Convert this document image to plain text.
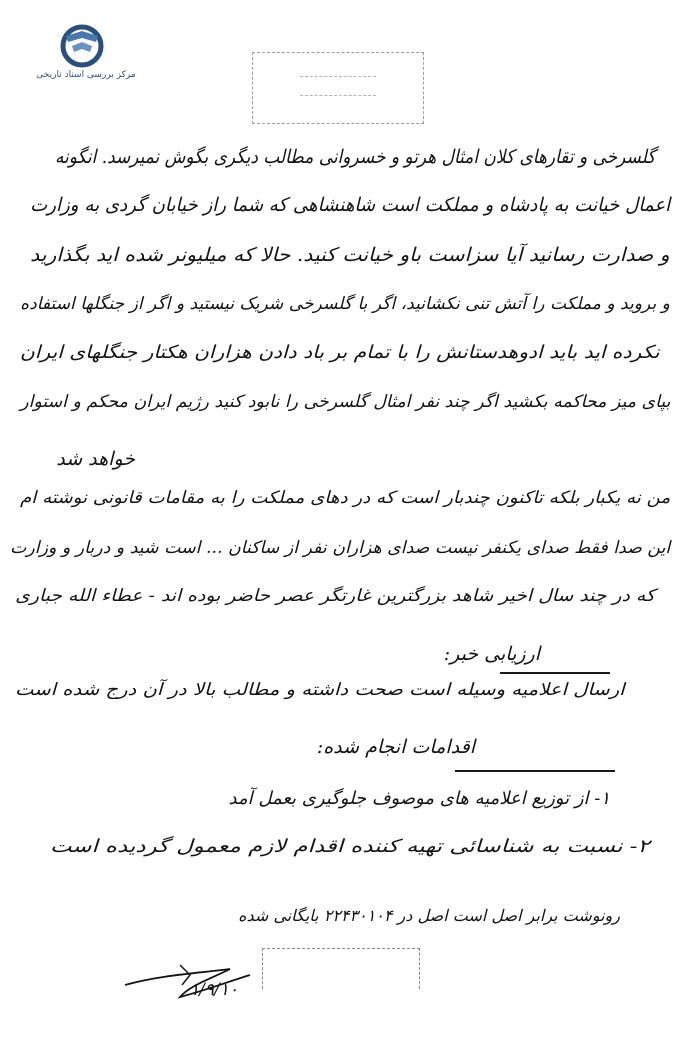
مرکز بررسی اسناد تاریخی
گلسرخی و تقارهای کلان امثال هرتو و خسروانی مطالب دیگری بگوش نمیرسد. انگونه
اعمال خیانت به پادشاه و مملکت است شاهنشاهی که شما راز خیابان گردی به وزارت
و صدارت رسانید آیا سزاست باو خیانت کنید. حالا که میلیونر شده اید بگذارید
و بروید و مملکت را آتش تنی نکشانید، اگر با گلسرخی شریک نیستید و اگر از جنگلها استفاده
نکرده اید باید ادوهدستانش را با تمام بر باد دادن هزاران هکتار جنگلهای ایران
بپای میز محاکمه بکشید اگر چند نفر امثال گلسرخی را نابود کنید رژیم ایران محکم و استوار
خواهد شد
من نه یکبار بلکه تاکنون چندبار است که در دهای مملکت را به مقامات قانونی نوشته ام
این صدا فقط صدای یکنفر نیست صدای هزاران نفر از ساکنان ... است شید و دربار و وزارت
که در چند سال اخیر شاهد بزرگترین غارتگر عصر حاضر بوده اند - عطاء الله جباری
ارزیابی خبر:
ارسال اعلامیه وسیله است صحت داشته و مطالب بالا در آن درج شده است
اقدامات انجام شده:
۱- از توزیع اعلامیه های موصوف جلوگیری بعمل آمد
۲- نسبت به شناسائی تهیه کننده اقدام لازم معمول گردیده است
رونوشت برابر اصل است اصل در ۲۲۴۳۰۱۰۴ بایگانی شده
۱/۹/۱۰
